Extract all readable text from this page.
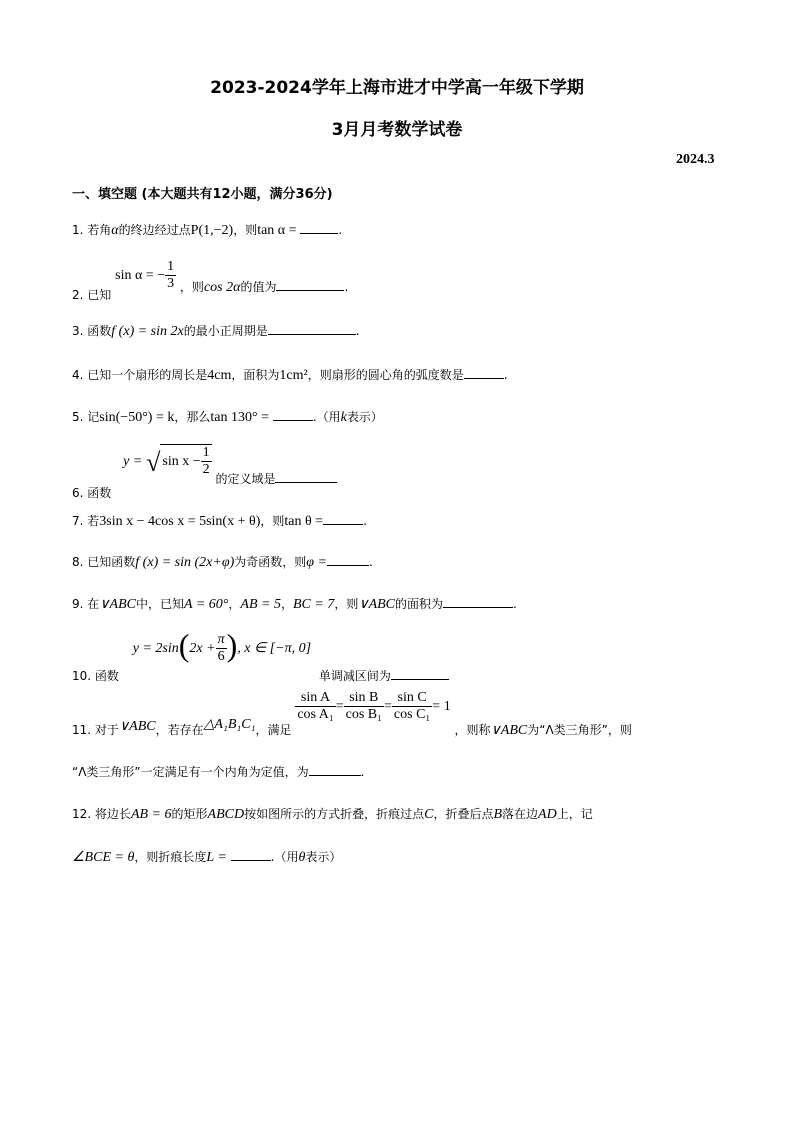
2023-2024学年上海市进才中学高一年级下学期
3月月考数学试卷
2024.3
一、填空题 (本大题共有12小题，满分36分)
1. 若角α的终边经过点P(1,−2)，则tan α =	.
2. 已知 sin α = − $\frac{1}{3}$ ，则cos 2α的值为	.
3. 函数f (x) = sin 2x的最小正周期是	.
4. 已知一个扇形的周长是4cm，面积为1cm²，则扇形的圆心角的弧度数是	.
5. 记sin(−50°) = k，那么tan 130° =	.（用k表示）
6. 函数 y = √ $\sin x - \frac{1}{2}$
的定义域是
7. 若3sin x − 4cos x = 5sin(x + θ)，则tan θ =	.
8. 已知函数f (x) = sin (2x+φ)为奇函数，则φ =	.
9. 在∨ABC中，已知A = 60°，AB = 5，BC = 7，则∨ABC的面积为	.
10. 函数 $y = 2\sin(2x + \frac{\pi}{6}$ ), x ∈ [−π, 0] 单调减区间为
11. 对于∨ABC，若存在△A₁B₁C₁，满足
$\frac{\text{sin A}}{\text{cos A₁}} = \frac{\text{sin B}}{\text{cos B₁}} = \frac{\text{sin C}}{\text{cos C₁}} = 1$ ，则称∨ABC为“Λ类三角形”，则
“Λ类三角形”一定满足有一个内角为定值，为	.
12. 将边长AB = 6的矩形ABCD按如图所示的方式折叠，折痕过点C，折叠后点B落在边AD上，记
∠BCE = θ，则折痕长度L =	.（用θ表示）
